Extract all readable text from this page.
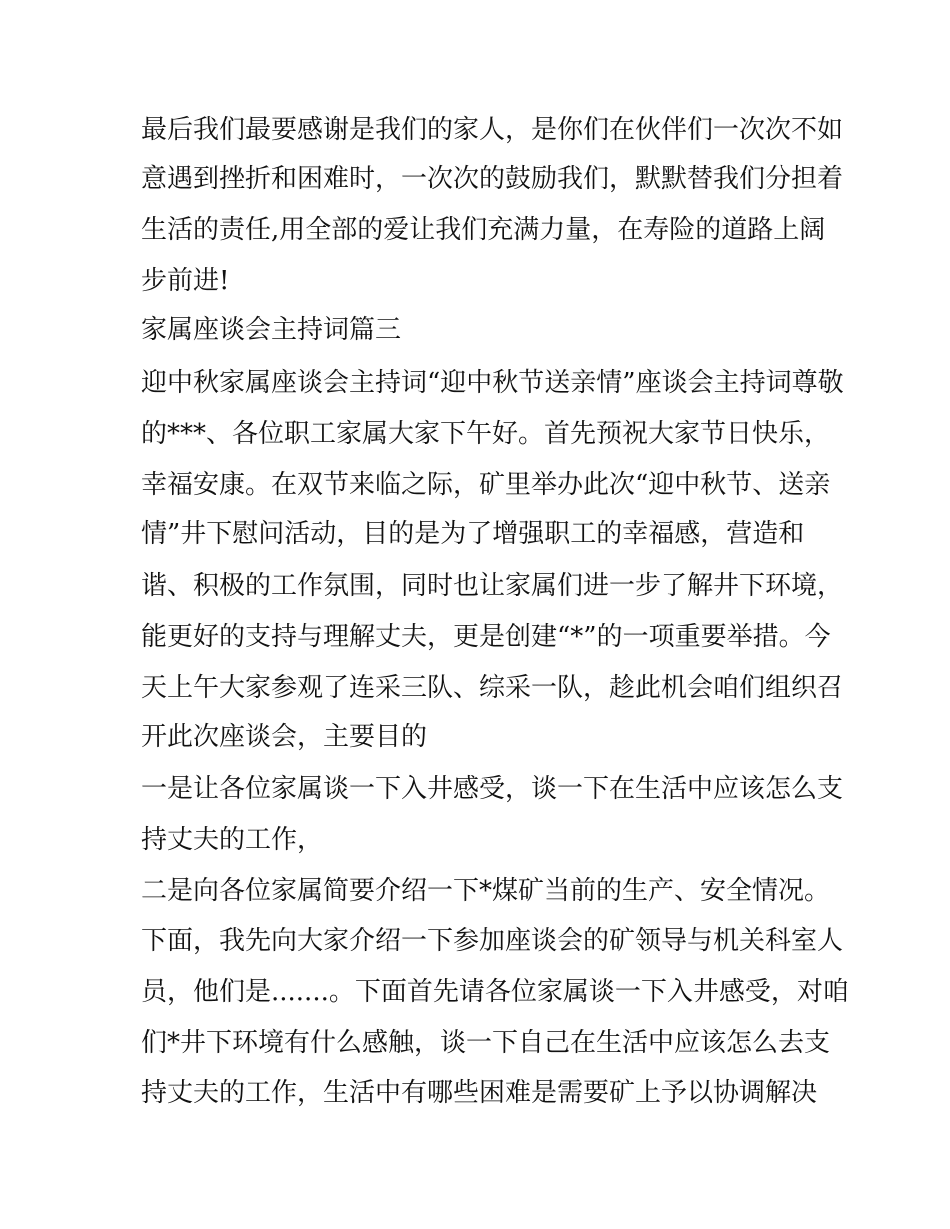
最后我们最要感谢是我们的家人，是你们在伙伴们一次次不如
意遇到挫折和困难时，一次次的鼓励我们，默默替我们分担着
生活的责任,用全部的爱让我们充满力量，在寿险的道路上阔
步前进!
家属座谈会主持词篇三
迎中秋家属座谈会主持词“迎中秋节送亲情”座谈会主持词尊敬
的***、各位职工家属大家下午好。首先预祝大家节日快乐，
幸福安康。在双节来临之际，矿里举办此次“迎中秋节、送亲
情”井下慰问活动，目的是为了增强职工的幸福感，营造和
谐、积极的工作氛围，同时也让家属们进一步了解井下环境，
能更好的支持与理解丈夫，更是创建“*”的一项重要举措。今
天上午大家参观了连采三队、综采一队，趁此机会咱们组织召
开此次座谈会，主要目的
一是让各位家属谈一下入井感受，谈一下在生活中应该怎么支
持丈夫的工作，
二是向各位家属简要介绍一下*煤矿当前的生产、安全情况。
下面，我先向大家介绍一下参加座谈会的矿领导与机关科室人
员，他们是.......。下面首先请各位家属谈一下入井感受，对咱
们*井下环境有什么感触，谈一下自己在生活中应该怎么去支
持丈夫的工作，生活中有哪些困难是需要矿上予以协调解决
